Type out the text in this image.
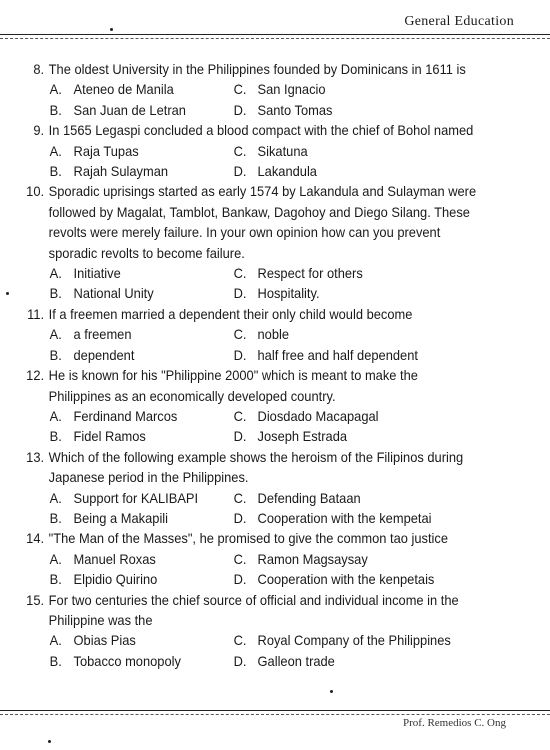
General Education
8. The oldest University in the Philippines founded by Dominicans in 1611 is
A. Ateneo de Manila	C. San Ignacio
B. San Juan de Letran	D. Santo Tomas
9. In 1565 Legaspi concluded a blood compact with the chief of Bohol named
A. Raja Tupas	C. Sikatuna
B. Rajah Sulayman	D. Lakandula
10. Sporadic uprisings started as early 1574 by Lakandula and Sulayman were followed by Magalat, Tamblot, Bankaw, Dagohoy and Diego Silang. These revolts were merely failure. In your own opinion how can you prevent sporadic revolts to become failure.
A. Initiative	C. Respect for others
B. National Unity	D. Hospitality.
11. If a freemen married a dependent their only child would become
A. a freemen	C. noble
B. dependent	D. half free and half dependent
12. He is known for his "Philippine 2000" which is meant to make the Philippines as an economically developed country.
A. Ferdinand Marcos	C. Diosdado Macapagal
B. Fidel Ramos	D. Joseph Estrada
13. Which of the following example shows the heroism of the Filipinos during Japanese period in the Philippines.
A. Support for KALIBAPI	C. Defending Bataan
B. Being a Makapili	D. Cooperation with the kempetai
14. "The Man of the Masses", he promised to give the common tao justice
A. Manuel Roxas	C. Ramon Magsaysay
B. Elpidio Quirino	D. Cooperation with the kenpetais
15. For two centuries the chief source of official and individual income in the Philippine was the
A. Obias Pias	C. Royal Company of the Philippines
B. Tobacco monopoly	D. Galleon trade
Prof. Remedios C. Ong
